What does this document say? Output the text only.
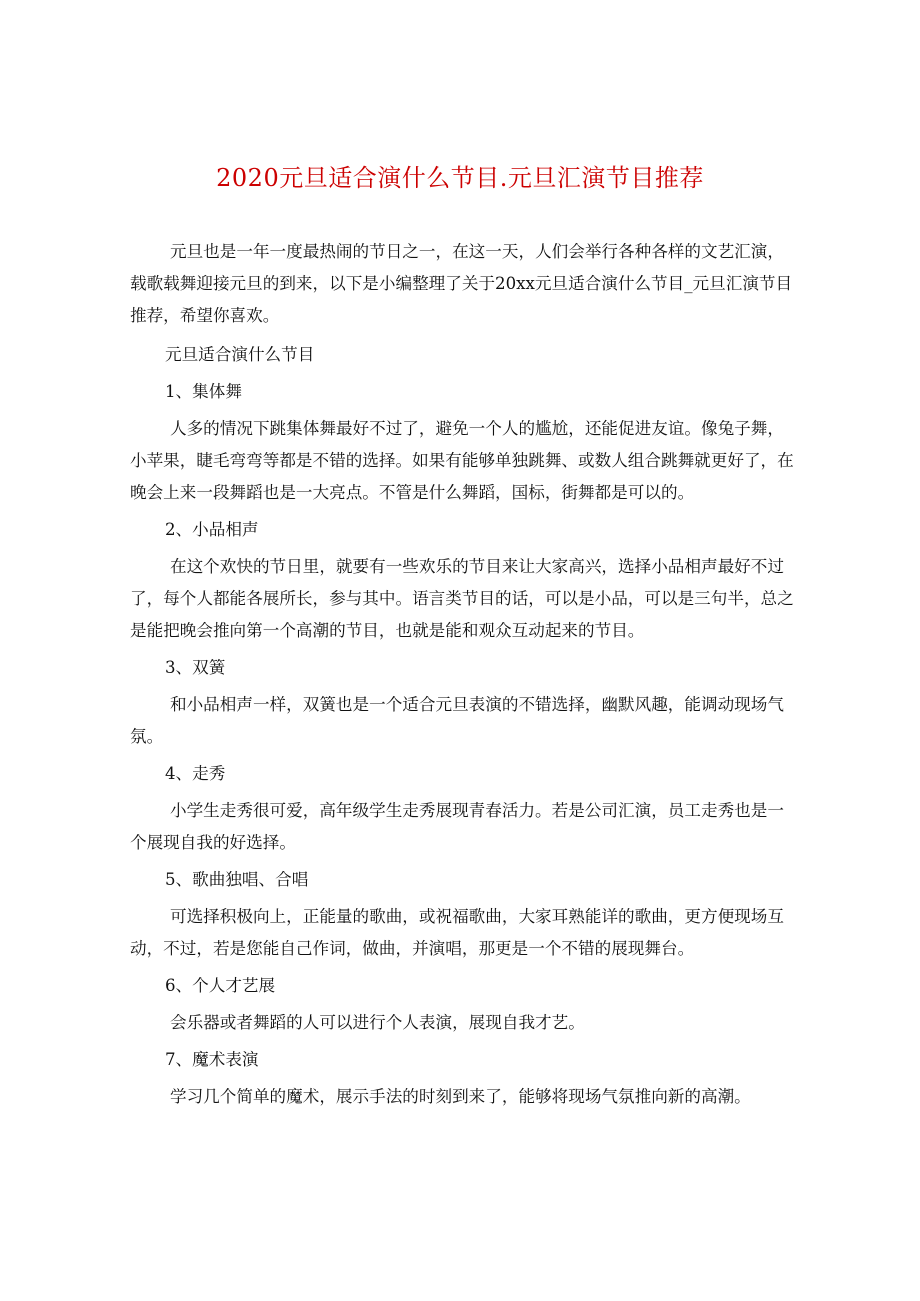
2020元旦适合演什么节目.元旦汇演节目推荐

元旦也是一年一度最热闹的节日之一，在这一天，人们会举行各种各样的文艺汇演，载歌载舞迎接元旦的到来，以下是小编整理了关于20xx元旦适合演什么节目_元旦汇演节目推荐，希望你喜欢。

元旦适合演什么节目

1、集体舞

人多的情况下跳集体舞最好不过了，避免一个人的尴尬，还能促进友谊。像兔子舞，小苹果，睫毛弯弯等都是不错的选择。如果有能够单独跳舞、或数人组合跳舞就更好了，在晚会上来一段舞蹈也是一大亮点。不管是什么舞蹈，国标，街舞都是可以的。

2、小品相声

在这个欢快的节日里，就要有一些欢乐的节目来让大家高兴，选择小品相声最好不过了，每个人都能各展所长，参与其中。语言类节目的话，可以是小品，可以是三句半，总之是能把晚会推向第一个高潮的节目，也就是能和观众互动起来的节目。

3、双簧

和小品相声一样，双簧也是一个适合元旦表演的不错选择，幽默风趣，能调动现场气氛。

4、走秀

小学生走秀很可爱，高年级学生走秀展现青春活力。若是公司汇演，员工走秀也是一个展现自我的好选择。

5、歌曲独唱、合唱

可选择积极向上，正能量的歌曲，或祝福歌曲，大家耳熟能详的歌曲，更方便现场互动，不过，若是您能自己作词，做曲，并演唱，那更是一个不错的展现舞台。

6、个人才艺展

会乐器或者舞蹈的人可以进行个人表演，展现自我才艺。

7、魔术表演

学习几个简单的魔术，展示手法的时刻到来了，能够将现场气氛推向新的高潮。
